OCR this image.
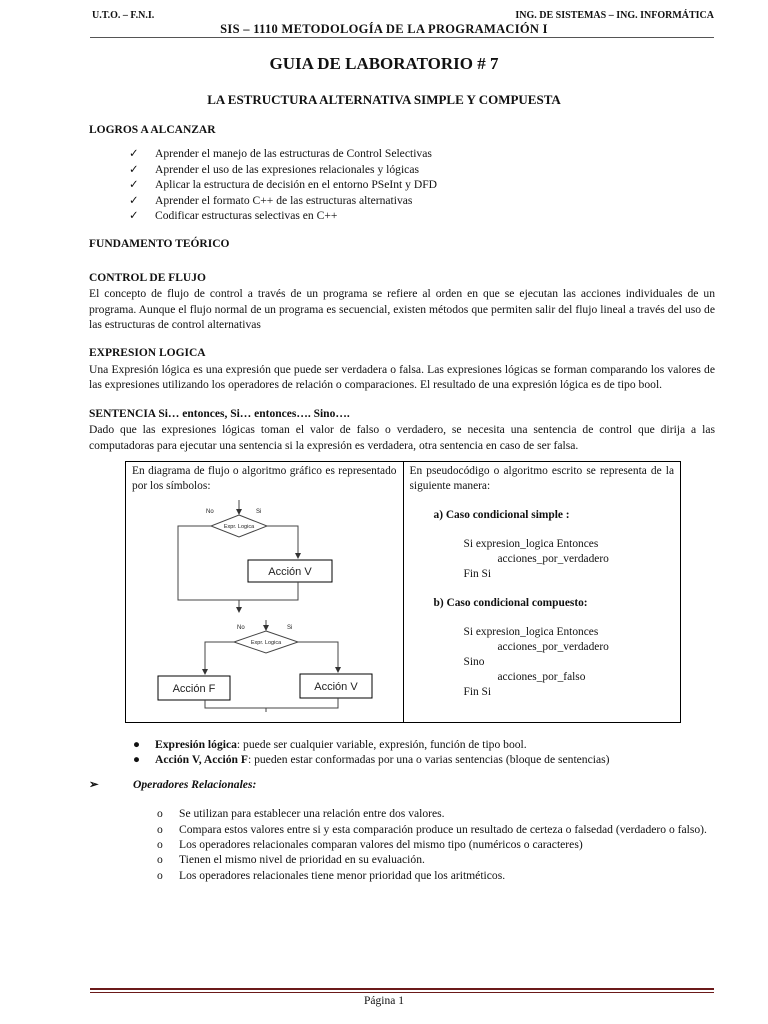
U.T.O. – F.N.I.	ING. DE SISTEMAS – ING. INFORMÁTICA
SIS – 1110 METODOLOGÍA DE LA PROGRAMACIÓN I
GUIA DE LABORATORIO # 7
LA ESTRUCTURA ALTERNATIVA SIMPLE Y COMPUESTA
LOGROS A ALCANZAR
✓ Aprender el manejo de las estructuras de Control Selectivas
✓ Aprender el uso de las expresiones relacionales y lógicas
✓ Aplicar la estructura de decisión en el entorno PSeInt y DFD
✓ Aprender el formato C++ de las estructuras alternativas
✓ Codificar estructuras selectivas en C++
FUNDAMENTO TEÓRICO
CONTROL DE FLUJO

El concepto de flujo de control a través de un programa se refiere al orden en que se ejecutan las acciones individuales de un programa. Aunque el flujo normal de un programa es secuencial, existen métodos que permiten salir del flujo lineal a través del uso de las estructuras de control alternativas

EXPRESION LOGICA

Una Expresión lógica es una expresión que puede ser verdadera o falsa. Las expresiones lógicas se forman comparando los valores de las expresiones utilizando los operadores de relación o comparaciones. El resultado de una expresión lógica es de tipo bool.

SENTENCIA Si… entonces, Si… entonces…. Sino….

Dado que las expresiones lógicas toman el valor de falso o verdadero, se necesita una sentencia de control que dirija a las computadoras para ejecutar una sentencia si la expresión es verdadera, otra sentencia en caso de ser falsa.

En diagrama de flujo o algoritmo gráfico es representado por los símbolos:
No	Si
Expr. Logica
Acción V
No	Si
Expr. Logica
Acción F	Acción V

En pseudocódigo o algoritmo escrito se representa de la siguiente manera:
a) Caso condicional simple :
Si expresion_logica Entonces
acciones_por_verdadero
Fin Si
b) Caso condicional compuesto:
Si expresion_logica Entonces
acciones_por_verdadero
Sino
acciones_por_falso
Fin Si
● Expresión lógica: puede ser cualquier variable, expresión, función de tipo bool.
● Acción V, Acción F: pueden estar conformadas por una o varias sentencias (bloque de sentencias)
➢	Operadores Relacionales:
o Se utilizan para establecer una relación entre dos valores.
o Compara estos valores entre si y esta comparación produce un resultado de certeza o falsedad (verdadero o falso).
o Los operadores relacionales comparan valores del mismo tipo (numéricos o caracteres)
o Tienen el mismo nivel de prioridad en su evaluación.
o Los operadores relacionales tiene menor prioridad que los aritméticos.
Página 1
